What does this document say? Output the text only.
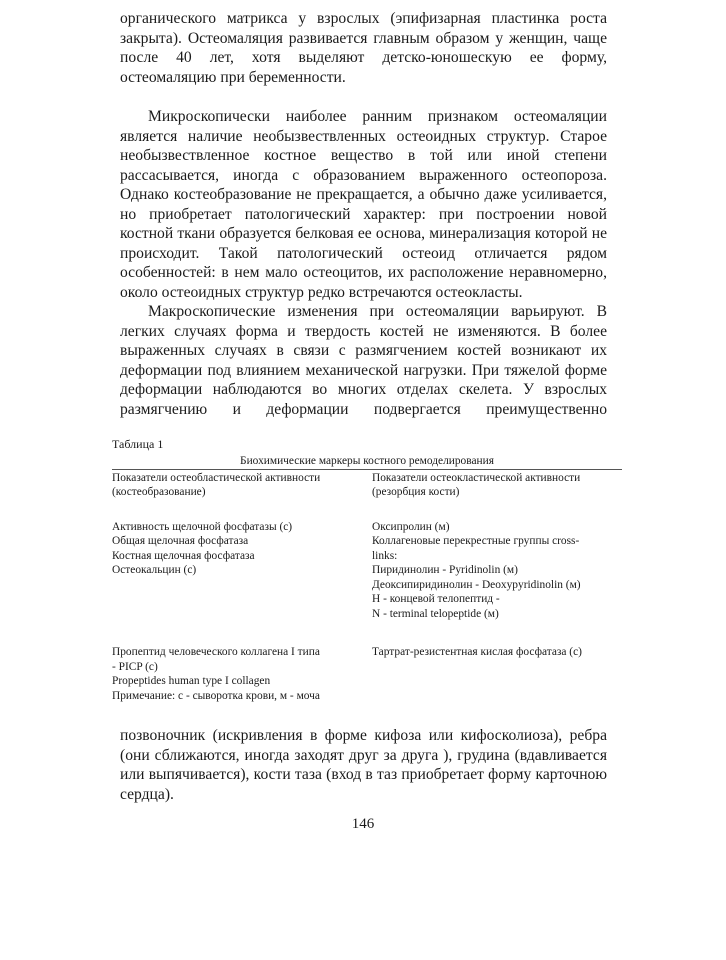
органического матрикса у взрослых (эпифизарная пластинка роста закрыта). Остеомаляция развивается главным образом у женщин, чаще после 40 лет, хотя выделяют детско-юношескую ее форму, остеомаляцию при беременности.

Микроскопически наиболее ранним признаком остеомаляции является наличие необызвествленных остеоидных структур. Старое необызвествленное костное вещество в той или иной степени рассасывается, иногда с образованием выраженного остеопороза. Однако костеобразование не прекращается, а обычно даже усиливается, но приобретает патологический характер: при построении новой костной ткани образуется белковая ее основа, минерализация которой не происходит. Такой патологический остеоид отличается рядом особенностей: в нем мало остеоцитов, их расположение неравномерно, около остеоидных структур редко встречаются остеокласты.

Макроскопические изменения при остеомаляции варьируют. В легких случаях форма и твердость костей не изменяются. В более выраженных случаях в связи с размягчением костей возникают их деформации под влиянием механической нагрузки. При тяжелой форме деформации наблюдаются во многих отделах скелета. У взрослых размягчению и деформации подвергается преимущественно

Таблица 1

Биохимические маркеры костного ремоделирования

Показатели остеобластической активности

(костеобразование)

Показатели остеокластической активности

(резорбция кости)

Активность щелочной фосфатазы (с)

Общая щелочная фосфатаза

Костная щелочная фосфатаза

Остеокальцин (с)

Оксипролин (м)

Коллагеновые перекрестные группы cross-

links:

Пиридинолин - Pyridinolin (м)

Деоксипиридинолин - Deoxypyridinolin (м)

Н - концевой телопептид -

N - terminal telopeptide (м)

Пропептид человеческого коллагена I типа

- PICP (c)

Propeptides human type I collagen

Примечание: с - сыворотка крови, м - моча

Тартрат-резистентная кислая фосфатаза (с)

позвоночник (искривления в форме кифоза или кифосколиоза), ребра (они сближаются, иногда заходят друг за друга ), грудина (вдавливается или выпячивается), кости таза (вход в таз приобретает форму карточною сердца).

146
